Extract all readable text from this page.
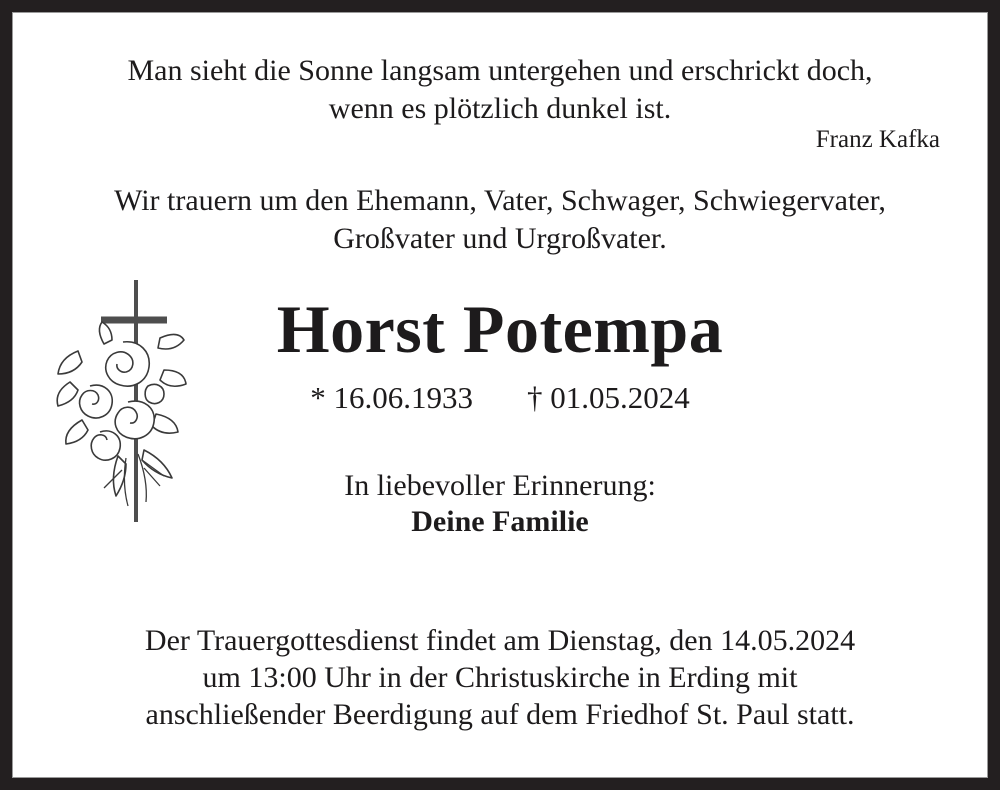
Man sieht die Sonne langsam untergehen und erschrickt doch,
wenn es plötzlich dunkel ist.
Franz Kafka
Wir trauern um den Ehemann, Vater, Schwager, Schwiegervater,
Großvater und Urgroßvater.
Horst Potempa
* 16.06.1933 † 01.05.2024
In liebevoller Erinnerung:
Deine Familie
Der Trauergottesdienst findet am Dienstag, den 14.05.2024
um 13:00 Uhr in der Christuskirche in Erding mit
anschließender Beerdigung auf dem Friedhof St. Paul statt.
